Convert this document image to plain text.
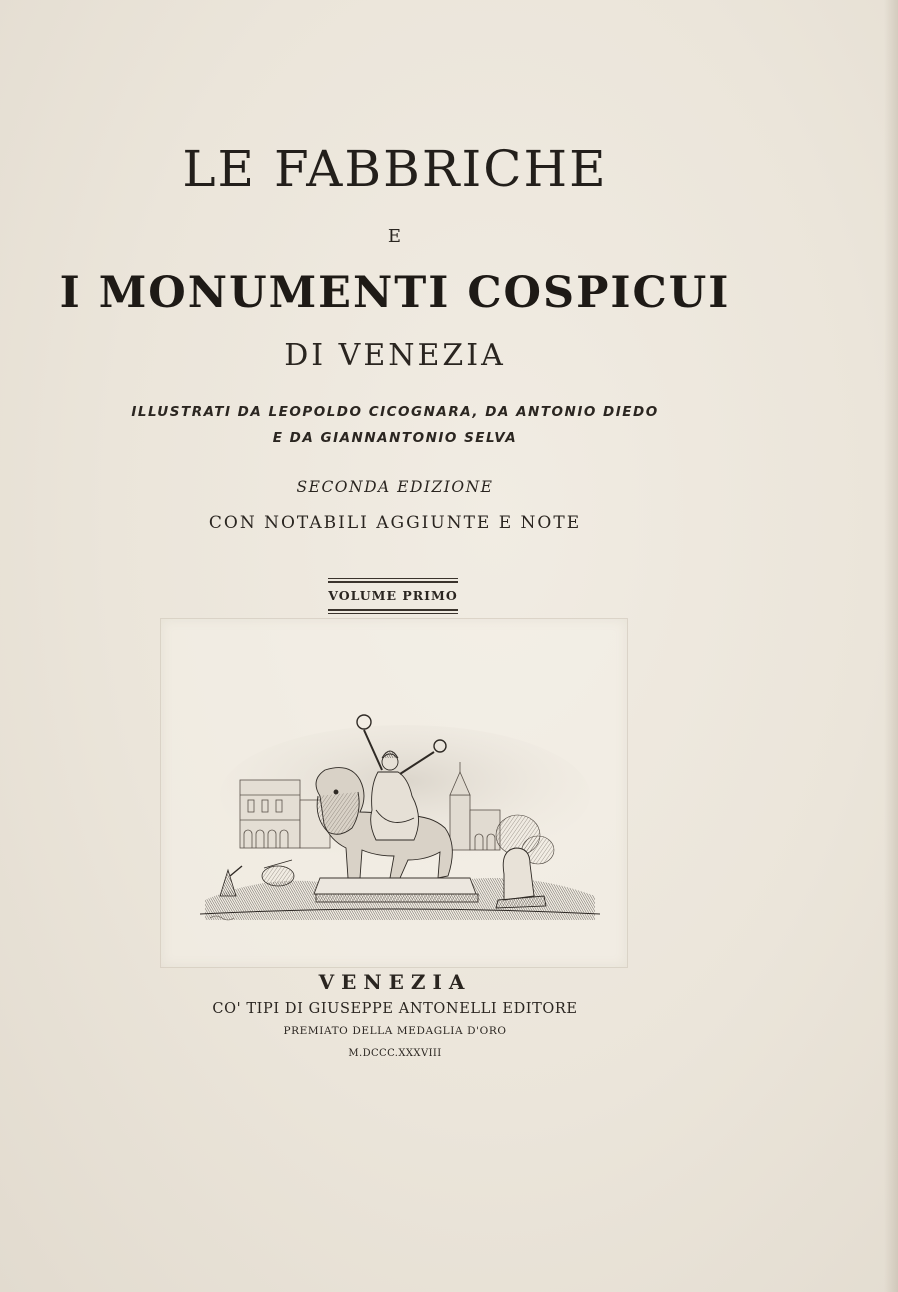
LE FABBRICHE
E
I MONUMENTI COSPICUI
DI VENEZIA
ILLUSTRATI DA LEOPOLDO CICOGNARA, DA ANTONIO DIEDO
E DA GIANNANTONIO SELVA
SECONDA EDIZIONE
CON NOTABILI AGGIUNTE E NOTE
VOLUME PRIMO
VENEZIA
CO' TIPI DI GIUSEPPE ANTONELLI EDITORE
PREMIATO DELLA MEDAGLIA D'ORO
M.DCCC.XXXVIII
